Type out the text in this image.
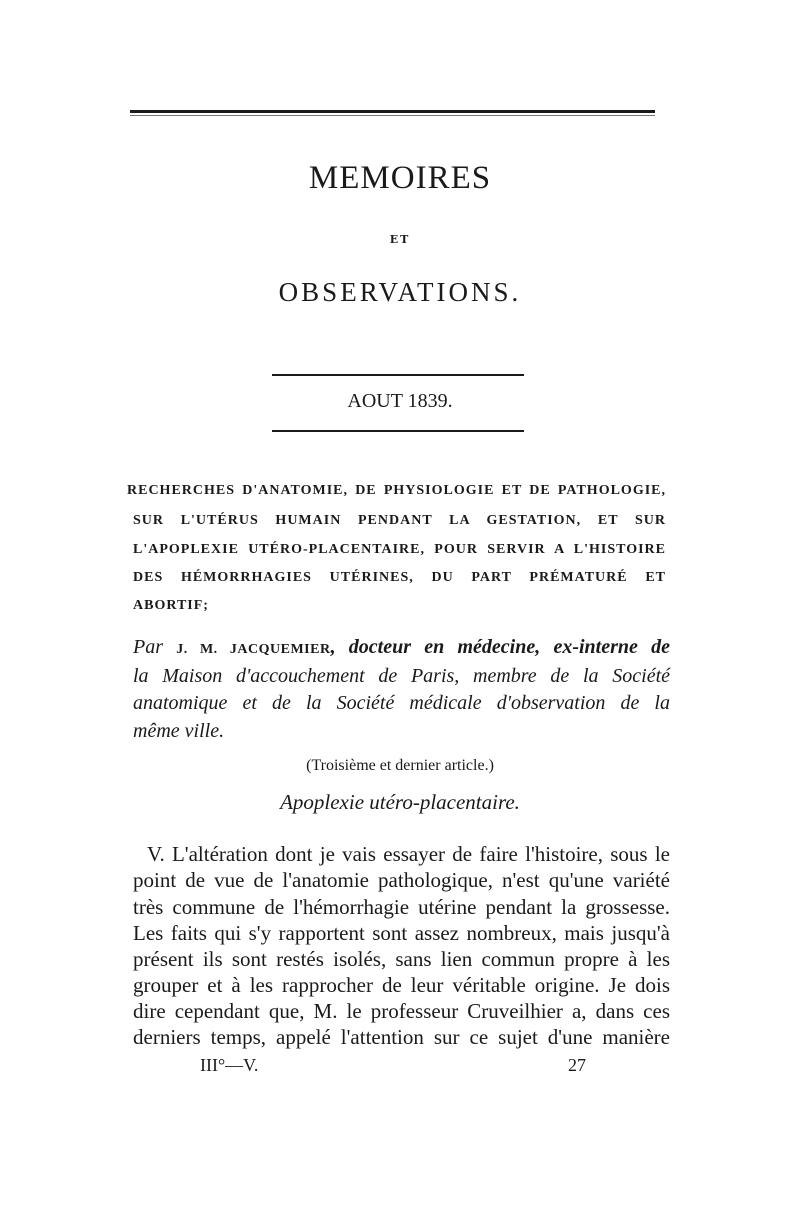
MEMOIRES
ET
OBSERVATIONS.
AOUT 1839.
RECHERCHES D'ANATOMIE, DE PHYSIOLOGIE ET DE PATHOLOGIE,
SUR L'UTÉRUS HUMAIN PENDANT LA GESTATION, ET SUR
L'APOPLEXIE UTÉRO-PLACENTAIRE, POUR SERVIR A L'HISTOIRE
DES HÉMORRHAGIES UTÉRINES, DU PART PRÉMATURÉ ET
ABORTIF;
Par J. M. JACQUEMIER, docteur en médecine, ex-interne de
la Maison d'accouchement de Paris, membre de la Société
anatomique et de la Société médicale d'observation de la
même ville.
(Troisième et dernier article.)
Apoplexie utéro-placentaire.
V. L'altération dont je vais essayer de faire l'histoire, sous le
point de vue de l'anatomie pathologique, n'est qu'une variété
très commune de l'hémorrhagie utérine pendant la grossesse.
Les faits qui s'y rapportent sont assez nombreux, mais jusqu'à
présent ils sont restés isolés, sans lien commun propre à les
grouper et à les rapprocher de leur véritable origine. Je dois
dire cependant que, M. le professeur Cruveilhier a, dans ces
derniers temps, appelé l'attention sur ce sujet d'une manière
III°—V.	27
